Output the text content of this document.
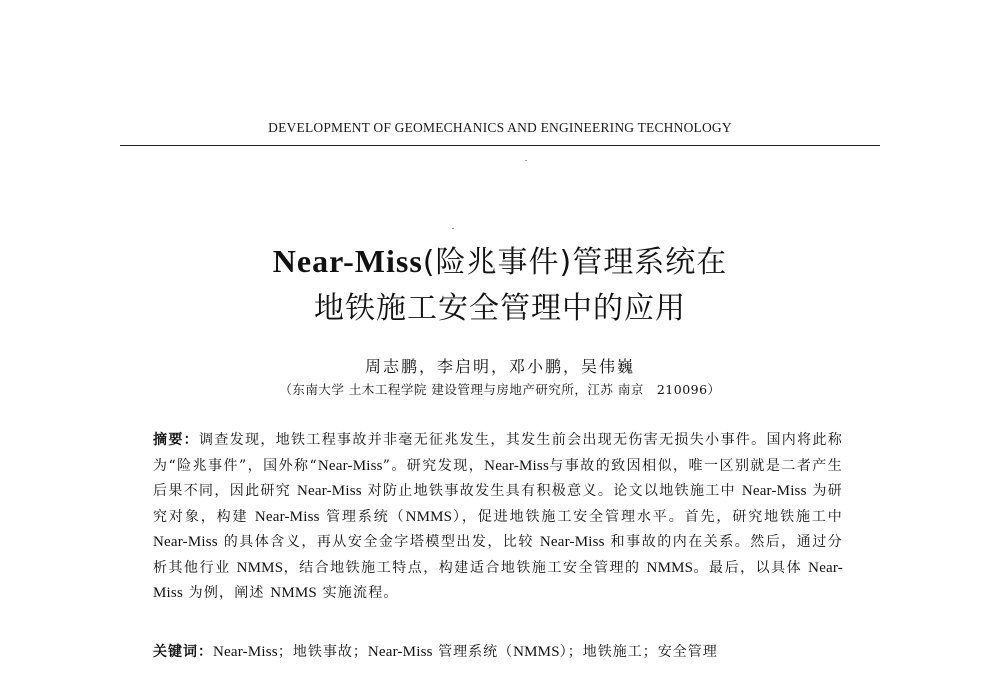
DEVELOPMENT OF GEOMECHANICS AND ENGINEERING TECHNOLOGY
Near-Miss(险兆事件)管理系统在
地铁施工安全管理中的应用
周志鹏，李启明，邓小鹏，吴伟巍
（东南大学 土木工程学院 建设管理与房地产研究所，江苏 南京　210096）
摘要：调查发现，地铁工程事故并非毫无征兆发生，其发生前会出现无伤害无损失小事件。国内将此称为“险兆事件”，国外称“Near-Miss”。研究发现，Near-Miss与事故的致因相似，唯一区别就是二者产生后果不同，因此研究 Near-Miss 对防止地铁事故发生具有积极意义。论文以地铁施工中 Near-Miss 为研究对象，构建 Near-Miss 管理系统（NMMS），促进地铁施工安全管理水平。首先，研究地铁施工中 Near-Miss 的具体含义，再从安全金字塔模型出发，比较 Near-Miss 和事故的内在关系。然后，通过分析其他行业 NMMS，结合地铁施工特点，构建适合地铁施工安全管理的 NMMS。最后，以具体 Near-Miss 为例，阐述 NMMS 实施流程。
关键词：Near-Miss；地铁事故；Near-Miss 管理系统（NMMS）；地铁施工；安全管理
